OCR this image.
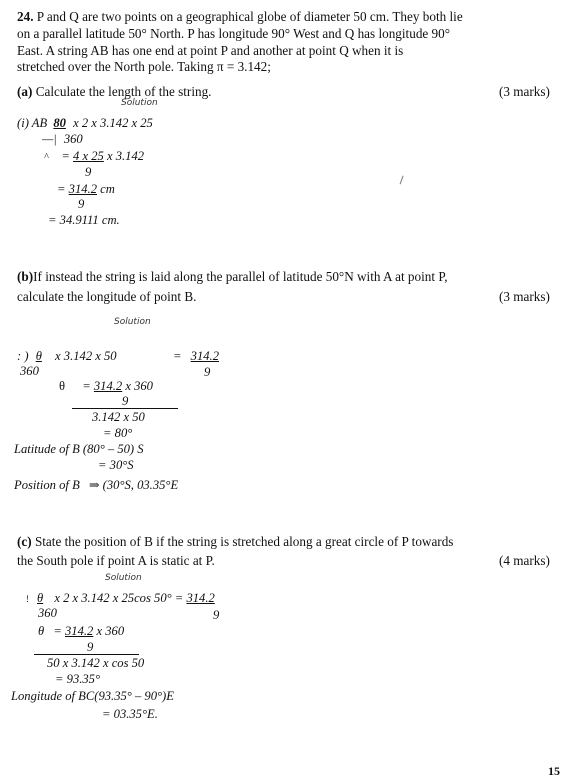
24. P and Q are two points on a geographical globe of diameter 50 cm. They both lie
on a parallel latitude 50° North. P has longitude 90° West and Q has longitude 90°
East. A string AB has one end at point P and another at point Q when it is
stretched over the North pole. Taking π = 3.142;
(a) Calculate the length of the string.	(3 marks)
Solution
(i) AB 80 x 2 x 3.142 x 25
—| 360
^ = 4 x 25 x 3.142
9
= 314.2 cm
9
= 34.9111 cm.
(b)If instead the string is laid along the parallel of latitude 50°N with A at point P,
calculate the longitude of point B.	(3 marks)
Solution
: ) θ x 3.142 x 50	= 314.2
360	9
θ = 314.2 x 360
9
3.142 x 50
= 80°
Latitude of B (80° – 50) S
= 30°S
Position of B ⇒ (30°S, 03.35°E
(c) State the position of B if the string is stretched along a great circle of P towards
the South pole if point A is static at P.	(4 marks)
Solution
! θ x 2 x 3.142 x 25cos 50° = 314.2
360	9
θ = 314.2 x 360
9
50 x 3.142 x cos 50
= 93.35°
Longitude of BC(93.35° – 90°)E
= 03.35°E.
15
